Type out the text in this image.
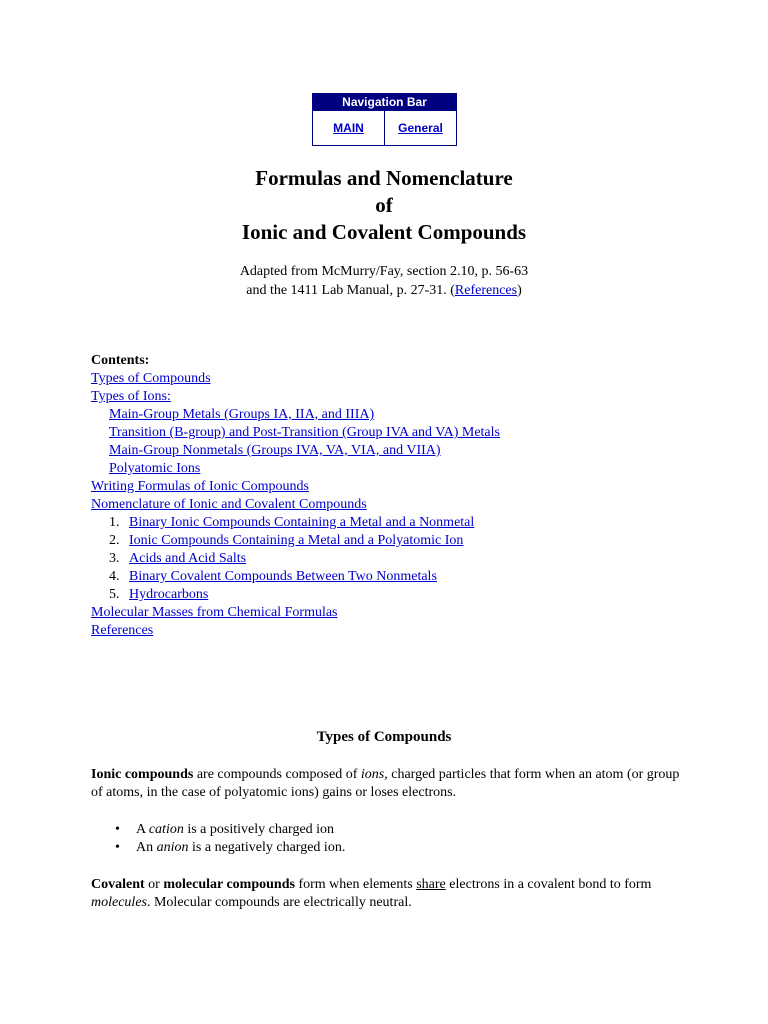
Navigation Bar
MAIN	General
Formulas and Nomenclature
of
Ionic and Covalent Compounds
Adapted from McMurry/Fay, section 2.10, p. 56-63
and the 1411 Lab Manual, p. 27-31. (References)
Contents:
Types of Compounds
Types of Ions:
Main-Group Metals (Groups IA, IIA, and IIIA)
Transition (B-group) and Post-Transition (Group IVA and VA) Metals
Main-Group Nonmetals (Groups IVA, VA, VIA, and VIIA)
Polyatomic Ions
Writing Formulas of Ionic Compounds
Nomenclature of Ionic and Covalent Compounds
1. Binary Ionic Compounds Containing a Metal and a Nonmetal
2. Ionic Compounds Containing a Metal and a Polyatomic Ion
3. Acids and Acid Salts
4. Binary Covalent Compounds Between Two Nonmetals
5. Hydrocarbons
Molecular Masses from Chemical Formulas
References
Types of Compounds
Ionic compounds are compounds composed of ions, charged particles that form when an atom (or group of atoms, in the case of polyatomic ions) gains or loses electrons.
•	A cation is a positively charged ion
•	An anion is a negatively charged ion.
Covalent or molecular compounds form when elements share electrons in a covalent bond to form molecules. Molecular compounds are electrically neutral.
